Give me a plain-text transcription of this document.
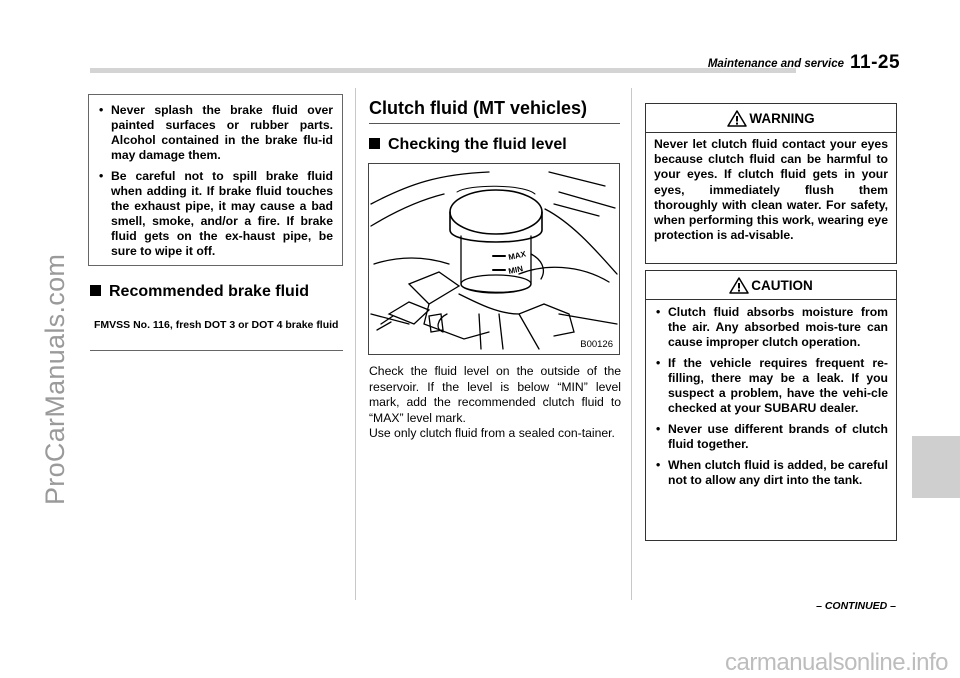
Maintenance and service 11-25
ProCarManuals.com
carmanualsonline.info
• Never splash the brake fluid over painted surfaces or rubber parts. Alcohol contained in the brake flu-id may damage them.
• Be careful not to spill brake fluid when adding it. If brake fluid touches the exhaust pipe, it may cause a bad smell, smoke, and/or a fire. If brake fluid gets on the ex-haust pipe, be sure to wipe it off.
Recommended brake fluid
FMVSS No. 116, fresh DOT 3 or DOT 4 brake fluid
Clutch fluid (MT vehicles)
Checking the fluid level
MAX
MIN
B00126

Check the fluid level on the outside of the reservoir. If the level is below “MIN” level mark, add the recommended clutch fluid to “MAX” level mark.

Use only clutch fluid from a sealed con-tainer.

WARNING
Never let clutch fluid contact your eyes because clutch fluid can be harmful to your eyes. If clutch fluid gets in your eyes, immediately flush them thoroughly with clean water. For safety, when performing this work, wearing eye protection is ad-visable.
CAUTION
• Clutch fluid absorbs moisture from the air. Any absorbed mois-ture can cause improper clutch operation.
• If the vehicle requires frequent re-filling, there may be a leak. If you suspect a problem, have the vehi-cle checked at your SUBARU dealer.
• Never use different brands of clutch fluid together.
• When clutch fluid is added, be careful not to allow any dirt into the tank.
– CONTINUED –
